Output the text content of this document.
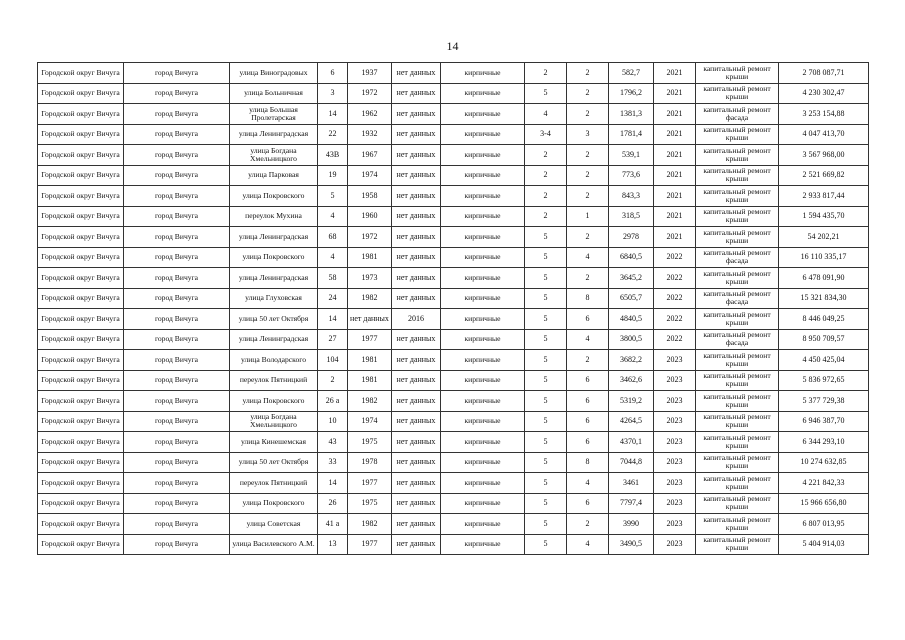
14
Городской округ Вичуга	город Вичуга	улица Виноградовых	6	1937	нет данных	кирпичные	2	2	582,7	2021	капитальный ремонт крыши	2 708 087,71
Городской округ Вичуга	город Вичуга	улица Больничная	3	1972	нет данных	кирпичные	5	2	1796,2	2021	капитальный ремонт крыши	4 230 302,47
Городской округ Вичуга	город Вичуга	улица Большая Пролетарская	14	1962	нет данных	кирпичные	4	2	1381,3	2021	капитальный ремонт фасада	3 253 154,88
Городской округ Вичуга	город Вичуга	улица Ленинградская	22	1932	нет данных	кирпичные	3-4	3	1781,4	2021	капитальный ремонт крыши	4 047 413,70
Городской округ Вичуга	город Вичуга	улица Богдана Хмельницкого	43В	1967	нет данных	кирпичные	2	2	539,1	2021	капитальный ремонт крыши	3 567 968,00
Городской округ Вичуга	город Вичуга	улица Парковая	19	1974	нет данных	кирпичные	2	2	773,6	2021	капитальный ремонт крыши	2 521 669,82
Городской округ Вичуга	город Вичуга	улица Покровского	5	1958	нет данных	кирпичные	2	2	843,3	2021	капитальный ремонт крыши	2 933 817,44
Городской округ Вичуга	город Вичуга	переулок Мухина	4	1960	нет данных	кирпичные	2	1	318,5	2021	капитальный ремонт крыши	1 594 435,70
Городской округ Вичуга	город Вичуга	улица Ленинградская	68	1972	нет данных	кирпичные	5	2	2978	2021	капитальный ремонт крыши	54 202,21
Городской округ Вичуга	город Вичуга	улица Покровского	4	1981	нет данных	кирпичные	5	4	6840,5	2022	капитальный ремонт фасада	16 110 335,17
Городской округ Вичуга	город Вичуга	улица Ленинградская	58	1973	нет данных	кирпичные	5	2	3645,2	2022	капитальный ремонт крыши	6 478 091,90
Городской округ Вичуга	город Вичуга	улица Глуховская	24	1982	нет данных	кирпичные	5	8	6505,7	2022	капитальный ремонт фасада	15 321 834,30
Городской округ Вичуга	город Вичуга	улица 50 лет Октября	14	нет данных	2016	кирпичные	5	6	4840,5	2022	капитальный ремонт крыши	8 446 049,25
Городской округ Вичуга	город Вичуга	улица Ленинградская	27	1977	нет данных	кирпичные	5	4	3800,5	2022	капитальный ремонт фасада	8 950 709,57
Городской округ Вичуга	город Вичуга	улица Володарского	104	1981	нет данных	кирпичные	5	2	3682,2	2023	капитальный ремонт крыши	4 450 425,04
Городской округ Вичуга	город Вичуга	переулок Пятницкий	2	1981	нет данных	кирпичные	5	6	3462,6	2023	капитальный ремонт крыши	5 836 972,65
Городской округ Вичуга	город Вичуга	улица Покровского	26 а	1982	нет данных	кирпичные	5	6	5319,2	2023	капитальный ремонт крыши	5 377 729,38
Городской округ Вичуга	город Вичуга	улица Богдана Хмельницкого	10	1974	нет данных	кирпичные	5	6	4264,5	2023	капитальный ремонт крыши	6 946 387,70
Городской округ Вичуга	город Вичуга	улица Кинешемская	43	1975	нет данных	кирпичные	5	6	4370,1	2023	капитальный ремонт крыши	6 344 293,10
Городской округ Вичуга	город Вичуга	улица 50 лет Октября	33	1978	нет данных	кирпичные	5	8	7044,8	2023	капитальный ремонт крыши	10 274 632,85
Городской округ Вичуга	город Вичуга	переулок Пятницкий	14	1977	нет данных	кирпичные	5	4	3461	2023	капитальный ремонт крыши	4 221 842,33
Городской округ Вичуга	город Вичуга	улица Покровского	26	1975	нет данных	кирпичные	5	6	7797,4	2023	капитальный ремонт крыши	15 966 656,80
Городской округ Вичуга	город Вичуга	улица Советская	41 а	1982	нет данных	кирпичные	5	2	3990	2023	капитальный ремонт крыши	6 807 013,95
Городской округ Вичуга	город Вичуга	улица Василевского А.М.	13	1977	нет данных	кирпичные	5	4	3490,5	2023	капитальный ремонт крыши	5 404 914,03
